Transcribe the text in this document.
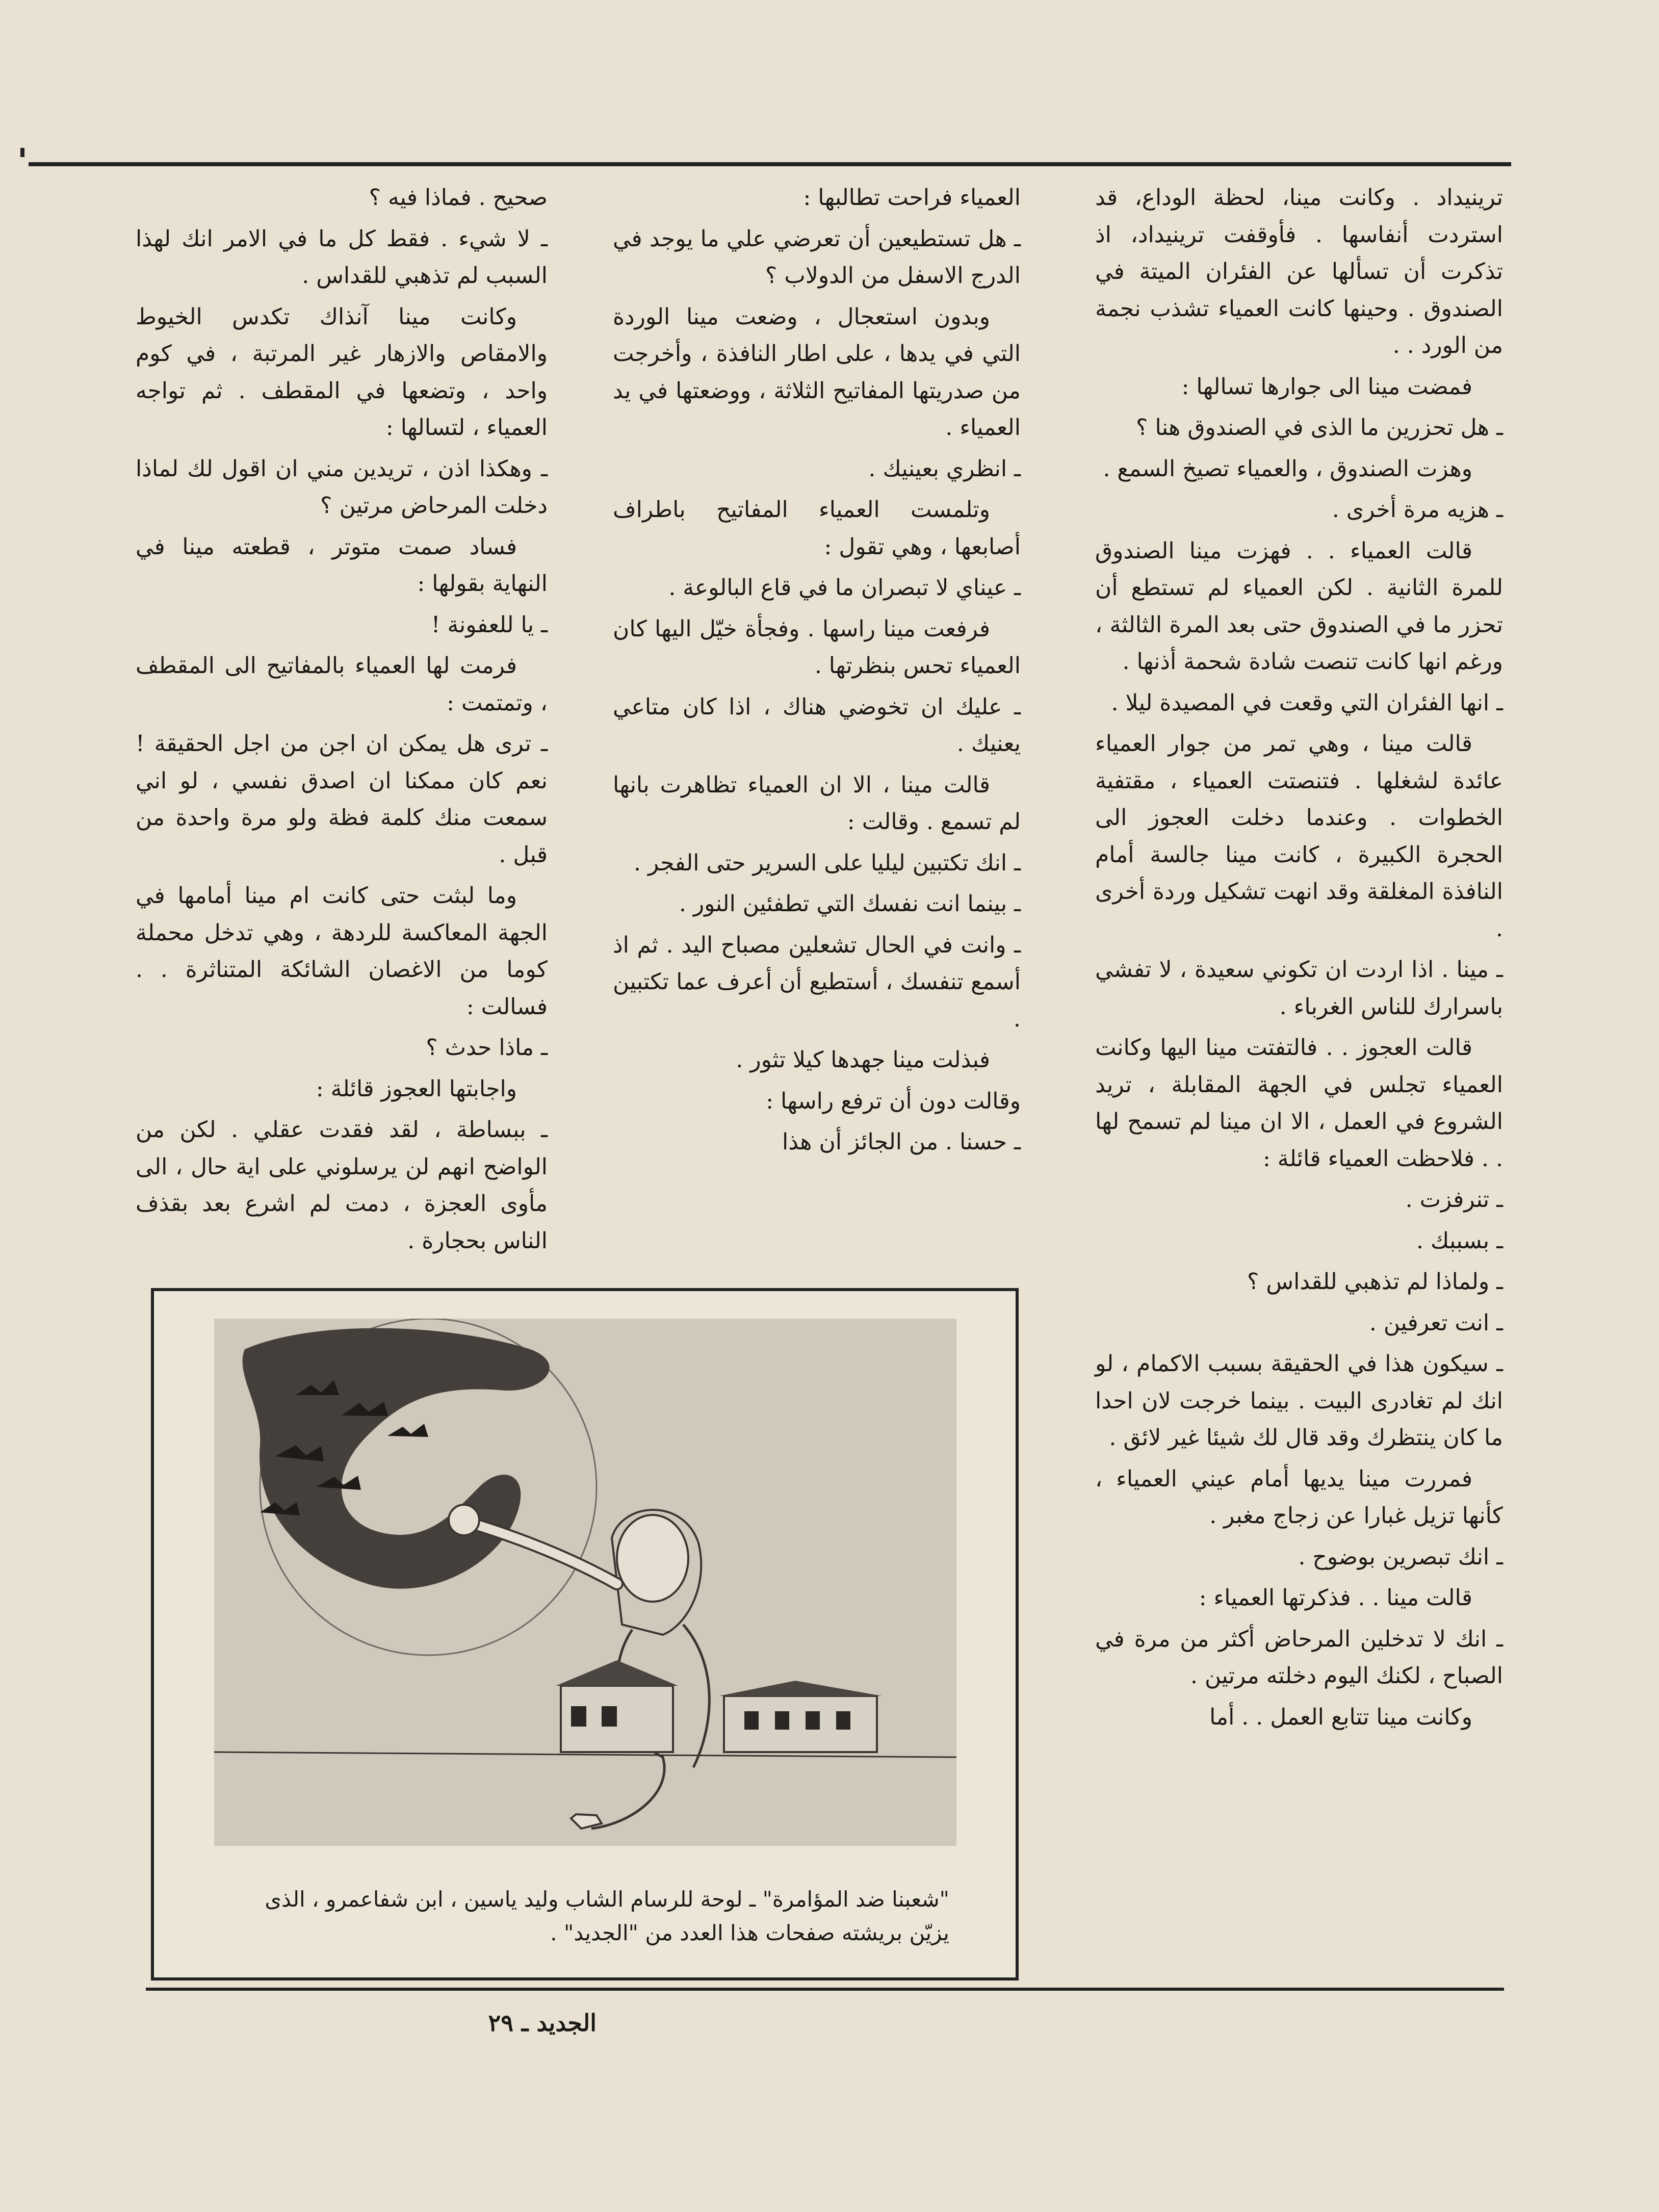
ترينيداد . وكانت مينا، لحظة الوداع، قد استردت أنفاسها . فأوقفت ترينيداد، اذ تذكرت أن تسألها عن الفئران الميتة في الصندوق . وحينها كانت العمياء تشذب نجمة من الورد . .

فمضت مينا الى جوارها تسالها :

ـ هل تحزرين ما الذى في الصندوق هنا ؟

وهزت الصندوق ، والعمياء تصيخ السمع .

ـ هزيه مرة أخرى .

قالت العمياء . . فهزت مينا الصندوق للمرة الثانية . لكن العمياء لم تستطع أن تحزر ما في الصندوق حتى بعد المرة الثالثة ، ورغم انها كانت تنصت شادة شحمة أذنها .

ـ انها الفئران التي وقعت في المصيدة ليلا .

قالت مينا ، وهي تمر من جوار العمياء عائدة لشغلها . فتنصتت العمياء ، مقتفية الخطوات . وعندما دخلت العجوز الى الحجرة الكبيرة ، كانت مينا جالسة أمام النافذة المغلقة وقد انهت تشكيل وردة أخرى .

ـ مينا . اذا اردت ان تكوني سعيدة ، لا تفشي باسرارك للناس الغرباء .

قالت العجوز . . فالتفتت مينا اليها وكانت العمياء تجلس في الجهة المقابلة ، تريد الشروع في العمل ، الا ان مينا لم تسمح لها . . فلاحظت العمياء قائلة :

ـ تنرفزت .

ـ بسببك .

ـ ولماذا لم تذهبي للقداس ؟

ـ انت تعرفين .

ـ سيكون هذا في الحقيقة بسبب الاكمام ، لو انك لم تغادرى البيت . بينما خرجت لان احدا ما كان ينتظرك وقد قال لك شيئا غير لائق .

فمررت مينا يديها أمام عيني العمياء ، كأنها تزيل غبارا عن زجاج مغبر .

ـ انك تبصرين بوضوح .

قالت مينا . . فذكرتها العمياء :

ـ انك لا تدخلين المرحاض أكثر من مرة في الصباح ، لكنك اليوم دخلته مرتين .

وكانت مينا تتابع العمل . . أما

العمياء فراحت تطالبها :

ـ هل تستطيعين أن تعرضي علي ما يوجد في الدرج الاسفل من الدولاب ؟

وبدون استعجال ، وضعت مينا الوردة التي في يدها ، على اطار النافذة ، وأخرجت من صدريتها المفاتيح الثلاثة ، ووضعتها في يد العمياء .

ـ انظري بعينيك .

وتلمست العمياء المفاتيح باطراف أصابعها ، وهي تقول :

ـ عيناي لا تبصران ما في قاع البالوعة .

فرفعت مينا راسها . وفجأة خيّل اليها كان العمياء تحس بنظرتها .

ـ عليك ان تخوضي هناك ، اذا كان متاعي يعنيك .

قالت مينا ، الا ان العمياء تظاهرت بانها لم تسمع . وقالت :

ـ انك تكتبين ليليا على السرير حتى الفجر .

ـ بينما انت نفسك التي تطفئين النور .

ـ وانت في الحال تشعلين مصباح اليد . ثم اذ أسمع تنفسك ، أستطيع أن أعرف عما تكتبين .

فبذلت مينا جهدها كيلا تثور .

وقالت دون أن ترفع راسها :

ـ حسنا . من الجائز أن هذا

صحيح . فماذا فيه ؟

ـ لا شيء . فقط كل ما في الامر انك لهذا السبب لم تذهبي للقداس .

وكانت مينا آنذاك تكدس الخيوط والامقاص والازهار غير المرتبة ، في كوم واحد ، وتضعها في المقطف . ثم تواجه العمياء ، لتسالها :

ـ وهكذا اذن ، تريدين مني ان اقول لك لماذا دخلت المرحاض مرتين ؟

فساد صمت متوتر ، قطعته مينا في النهاية بقولها :

ـ يا للعفونة !

فرمت لها العمياء بالمفاتيح الى المقطف ، وتمتمت :

ـ ترى هل يمكن ان اجن من اجل الحقيقة ! نعم كان ممكنا ان اصدق نفسي ، لو اني سمعت منك كلمة فظة ولو مرة واحدة من قبل .

وما لبثت حتى كانت ام مينا أمامها في الجهة المعاكسة للردهة ، وهي تدخل محملة كوما من الاغصان الشائكة المتناثرة . . فسالت :

ـ ماذا حدث ؟

واجابتها العجوز قائلة :

ـ ببساطة ، لقد فقدت عقلي . لكن من الواضح انهم لن يرسلوني على اية حال ، الى مأوى العجزة ، دمت لم اشرع بعد بقذف الناس بحجارة .

"شعبنا ضد المؤامرة" ـ لوحة للرسام الشاب وليد ياسين ، ابن شفاعمرو ، الذى يزيّن بريشته صفحات هذا العدد من "الجديد" .
الجديد ـ ٢٩
